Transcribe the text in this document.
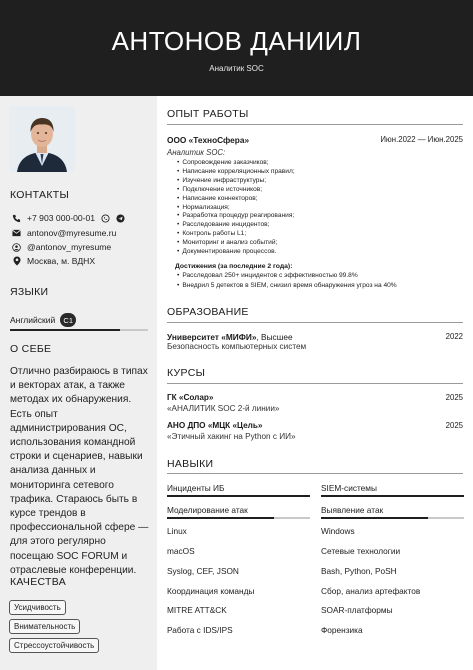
АНТОНОВ ДАНИИЛ
Аналитик SOC
КОНТАКТЫ
+7 903 000-00-01
antonov@myresume.ru
@antonov_myresume
Москва, м. ВДНХ
ЯЗЫКИ
Английский	C1
О СЕБЕ
Отлично разбираюсь в типах и векторах атак, а также методах их обнаружения. Есть опыт администрирования ОС, использования командной строки и сценариев, навыки анализа данных и мониторинга сетевого трафика. Стараюсь быть в курсе трендов в профессиональной сфере — для этого регулярно посещаю SOC FORUM и отраслевые конференции.
КАЧЕСТВА
Усидчивость
Внимательность
Стрессоустойчивость
ОПЫТ РАБОТЫ
ООО «ТехноСфера»	Июн.2022 — Июн.2025
Аналитик SOC:
• Сопровождение заказчиков;
• Написание корреляционных правил;
• Изучение инфраструктуры;
• Подключение источников;
• Написание коннекторов;
• Нормализация;
• Разработка процедур реагирования;
• Расследование инцидентов;
• Контроль работы L1;
• Мониторинг и анализ событий;
• Документирование процессов.
Достижения (за последние 2 года):
• Расследовал 250+ инцидентов с эффективностью 99.8%
• Внедрил 5 детектов в SIEM, снизил время обнаружения угроз на 40%
ОБРАЗОВАНИЕ
Университет «МИФИ», Высшее	2022
Безопасность компьютерных систем
КУРСЫ
ГК «Солар»	2025
«АНАЛИТИК SOC 2-й линии»
АНО ДПО «МЦК «Цель»	2025
«Этичный хакинг на Python с ИИ»
НАВЫКИ
Инциденты ИБ	SIEM-системы
Моделирование атак	Выявление атак
Linux	Windows
macOS	Сетевые технологии
Syslog, CEF, JSON	Bash, Python, PoSH
Координация команды	Сбор, анализ артефактов
MITRE ATT&CK	SOAR-платформы
Работа с IDS/IPS	Форензика
